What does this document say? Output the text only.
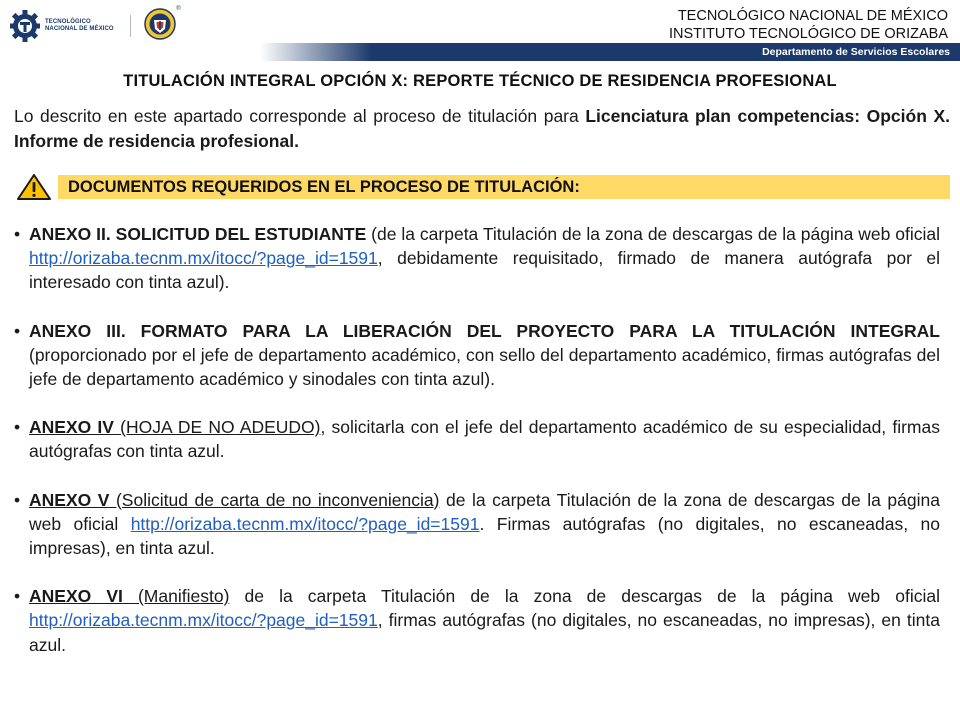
TECNOLÓGICO
NACIONAL DE MÉXICO
®	TECNOLÓGICO NACIONAL DE MÉXICO
INSTITUTO TECNOLÓGICO DE ORIZABA
Departamento de Servicios Escolares
TITULACIÓN INTEGRAL OPCIÓN X: REPORTE TÉCNICO DE RESIDENCIA PROFESIONAL

Lo descrito en este apartado corresponde al proceso de titulación para Licenciatura plan competencias: Opción X. Informe de residencia profesional.

DOCUMENTOS REQUERIDOS EN EL PROCESO DE TITULACIÓN:
• ANEXO II. SOLICITUD DEL ESTUDIANTE (de la carpeta Titulación de la zona de descargas de la página web oficial http://orizaba.tecnm.mx/itocc/?page_id=1591, debidamente requisitado, firmado de manera autógrafa por el interesado con tinta azul).
• ANEXO III. FORMATO PARA LA LIBERACIÓN DEL PROYECTO PARA LA TITULACIÓN INTEGRAL (proporcionado por el jefe de departamento académico, con sello del departamento académico, firmas autógrafas del jefe de departamento académico y sinodales con tinta azul).
• ANEXO IV (HOJA DE NO ADEUDO), solicitarla con el jefe del departamento académico de su especialidad, firmas autógrafas con tinta azul.
• ANEXO V (Solicitud de carta de no inconveniencia) de la carpeta Titulación de la zona de descargas de la página web oficial http://orizaba.tecnm.mx/itocc/?page_id=1591. Firmas autógrafas (no digitales, no escaneadas, no impresas), en tinta azul.
• ANEXO VI (Manifiesto) de la carpeta Titulación de la zona de descargas de la página web oficial http://orizaba.tecnm.mx/itocc/?page_id=1591, firmas autógrafas (no digitales, no escaneadas, no impresas), en tinta azul.
